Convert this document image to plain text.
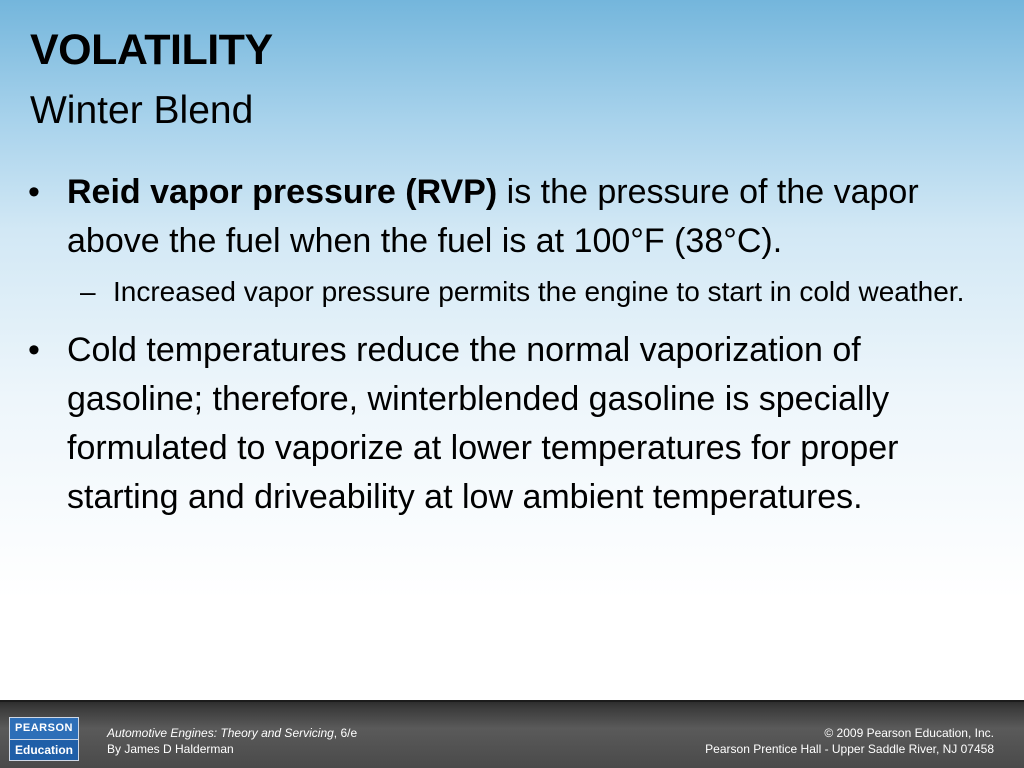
VOLATILITY
Winter Blend
• Reid vapor pressure (RVP) is the pressure of the vapor above the fuel when the fuel is at 100°F (38°C).
– Increased vapor pressure permits the engine to start in cold weather.
• Cold temperatures reduce the normal vaporization of gasoline; therefore, winterblended gasoline is specially formulated to vaporize at lower temperatures for proper starting and driveability at low ambient temperatures.
PEARSON
Education
Automotive Engines: Theory and Servicing, 6/e
By James D Halderman
© 2009 Pearson Education, Inc.
Pearson Prentice Hall - Upper Saddle River, NJ 07458
